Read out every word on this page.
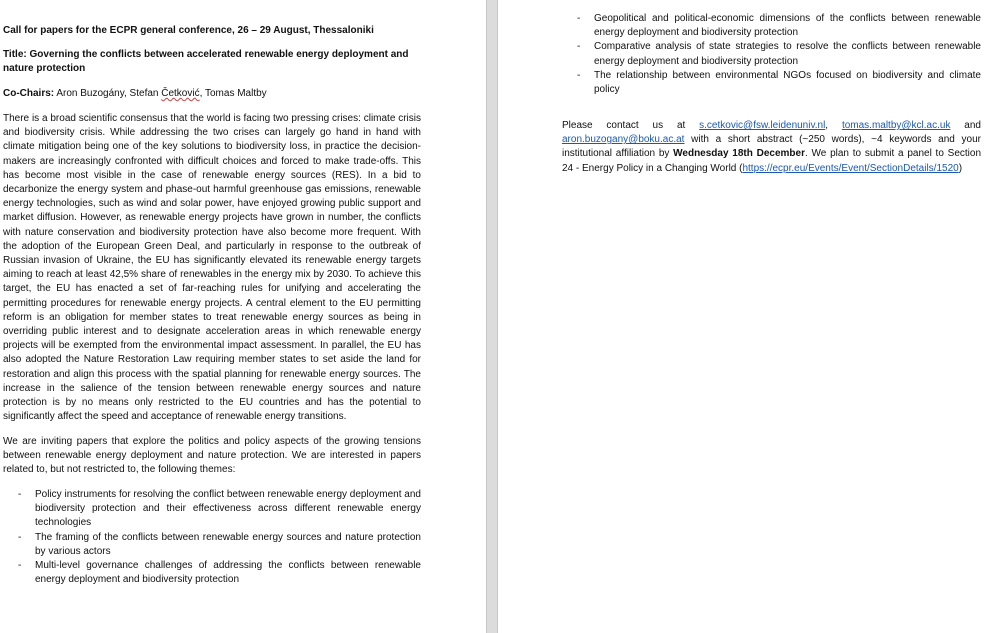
Call for papers for the ECPR general conference, 26 – 29 August, Thessaloniki
Title: Governing the conflicts between accelerated renewable energy deployment and nature protection
Co-Chairs: Aron Buzogány, Stefan Četković, Tomas Maltby
There is a broad scientific consensus that the world is facing two pressing crises: climate crisis and biodiversity crisis. While addressing the two crises can largely go hand in hand with climate mitigation being one of the key solutions to biodiversity loss, in practice the decision-makers are increasingly confronted with difficult choices and forced to make trade-offs. This has become most visible in the case of renewable energy sources (RES). In a bid to decarbonize the energy system and phase-out harmful greenhouse gas emissions, renewable energy technologies, such as wind and solar power, have enjoyed growing public support and market diffusion. However, as renewable energy projects have grown in number, the conflicts with nature conservation and biodiversity protection have also become more frequent. With the adoption of the European Green Deal, and particularly in response to the outbreak of Russian invasion of Ukraine, the EU has significantly elevated its renewable energy targets aiming to reach at least 42,5% share of renewables in the energy mix by 2030. To achieve this target, the EU has enacted a set of far-reaching rules for unifying and accelerating the permitting procedures for renewable energy projects. A central element to the EU permitting reform is an obligation for member states to treat renewable energy sources as being in overriding public interest and to designate acceleration areas in which renewable energy projects will be exempted from the environmental impact assessment. In parallel, the EU has also adopted the Nature Restoration Law requiring member states to set aside the land for restoration and align this process with the spatial planning for renewable energy sources. The increase in the salience of the tension between renewable energy sources and nature protection is by no means only restricted to the EU countries and has the potential to significantly affect the speed and acceptance of renewable energy transitions.
We are inviting papers that explore the politics and policy aspects of the growing tensions between renewable energy deployment and nature protection. We are interested in papers related to, but not restricted to, the following themes:
- Policy instruments for resolving the conflict between renewable energy deployment and biodiversity protection and their effectiveness across different renewable energy technologies
- The framing of the conflicts between renewable energy sources and nature protection by various actors
- Multi-level governance challenges of addressing the conflicts between renewable energy deployment and biodiversity protection
- Geopolitical and political-economic dimensions of the conflicts between renewable energy deployment and biodiversity protection
- Comparative analysis of state strategies to resolve the conflicts between renewable energy deployment and biodiversity protection
- The relationship between environmental NGOs focused on biodiversity and climate policy
Please contact us at s.cetkovic@fsw.leidenuniv.nl, tomas.maltby@kcl.ac.uk and aron.buzogany@boku.ac.at with a short abstract (~250 words), ~4 keywords and your institutional affiliation by Wednesday 18th December. We plan to submit a panel to Section 24 - Energy Policy in a Changing World (https://ecpr.eu/Events/Event/SectionDetails/1520)
